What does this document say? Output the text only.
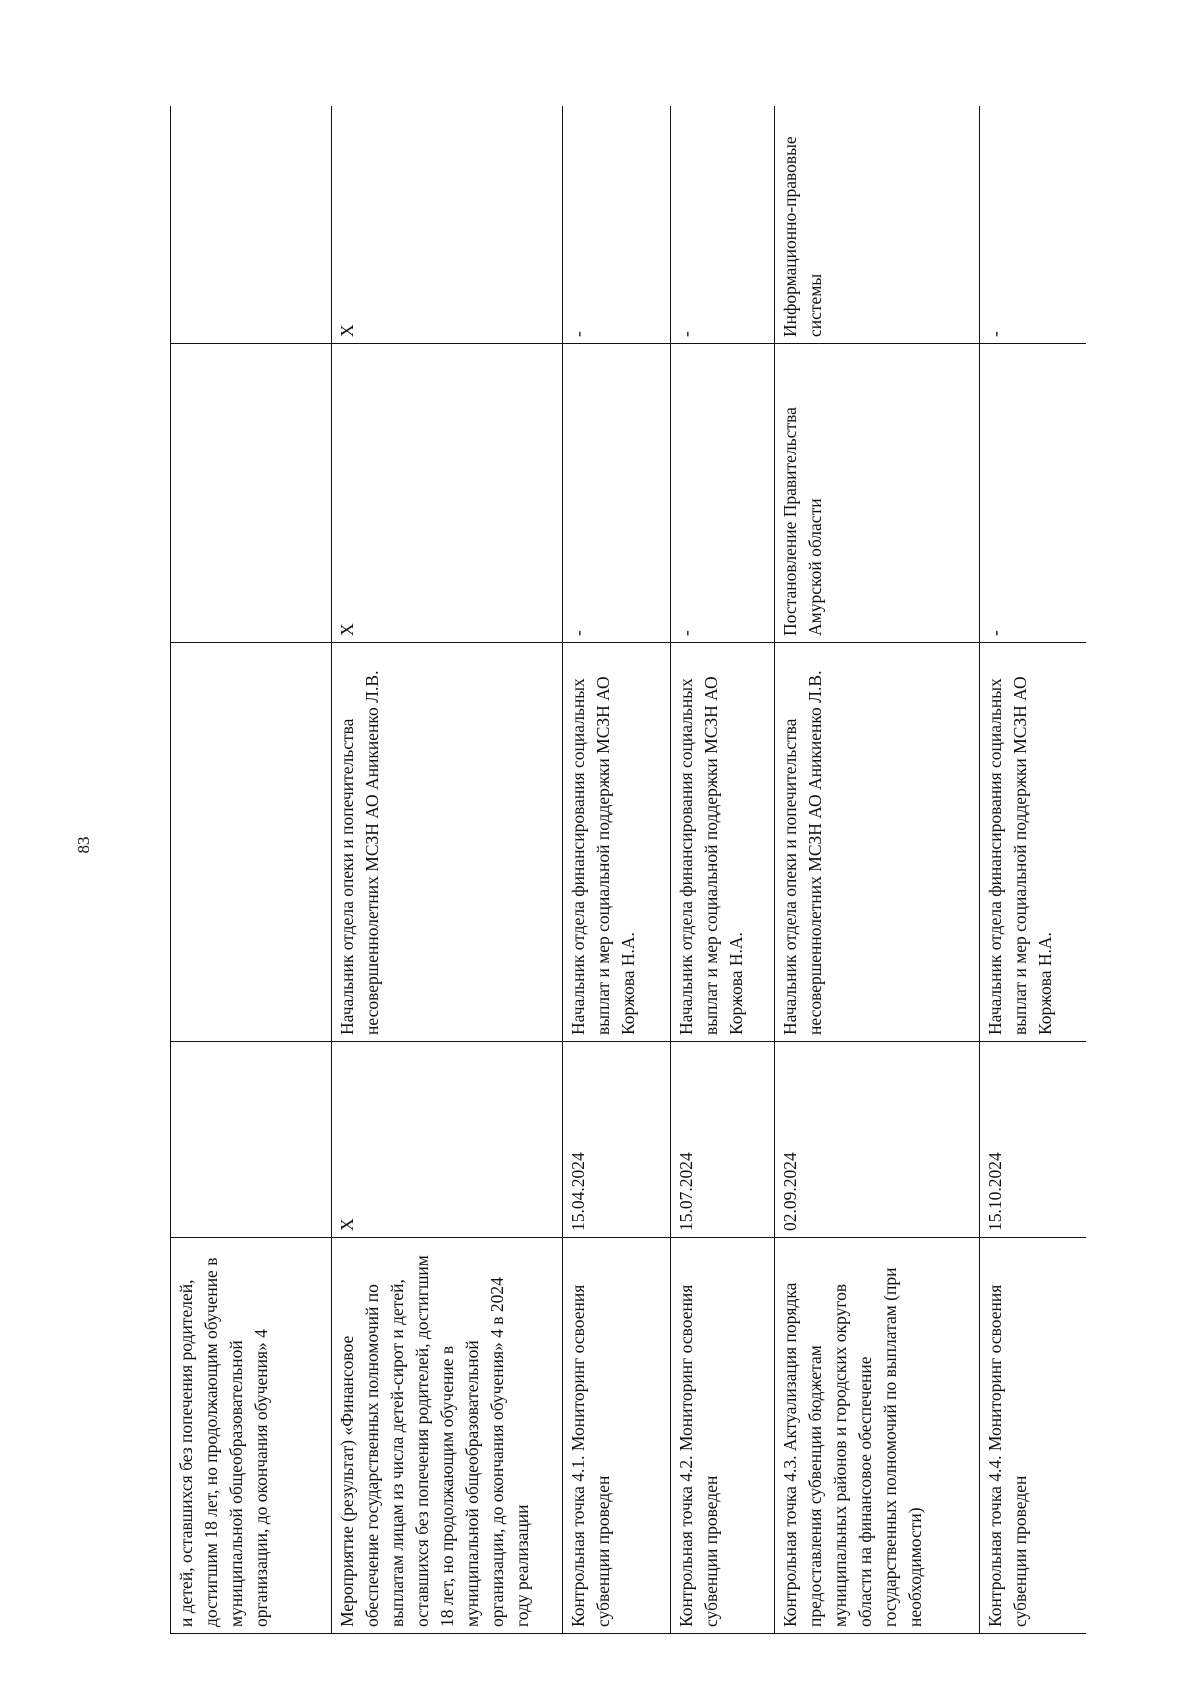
83
и детей, оставшихся без попечения родителей, достигшим 18 лет, но продолжающим обучение в муниципальной общеобразовательной организации, до окончания обучения» 4				
Мероприятие (результат) «Финансовое обеспечение государственных полномочий по выплатам лицам из числа детей-сирот и детей, оставшихся без попечения родителей, достигшим 18 лет, но продолжающим обучение в муниципальной общеобразовательной организации, до окончания обучения» 4 в 2024 году реализации	X	Начальник отдела опеки и попечительства несовершеннолетних МСЗН АО Аникиенко Л.В.	X	X
Контрольная точка 4.1. Мониторинг освоения субвенции проведен	15.04.2024	Начальник отдела финансирования социальных выплат и мер социальной поддержки МСЗН АО Коржова Н.А.	-	-
Контрольная точка 4.2. Мониторинг освоения субвенции проведен	15.07.2024	Начальник отдела финансирования социальных выплат и мер социальной поддержки МСЗН АО Коржова Н.А.	-	-
Контрольная точка 4.3. Актуализация порядка предоставления субвенции бюджетам муниципальных районов и городских округов области на финансовое обеспечение государственных полномочий по выплатам (при необходимости)	02.09.2024	Начальник отдела опеки и попечительства несовершеннолетних МСЗН АО Аникиенко Л.В.	Постановление Правительства Амурской области	Информационно-правовые системы
Контрольная точка 4.4. Мониторинг освоения субвенции проведен	15.10.2024	Начальник отдела финансирования социальных выплат и мер социальной поддержки МСЗН АО Коржова Н.А.	-	-
